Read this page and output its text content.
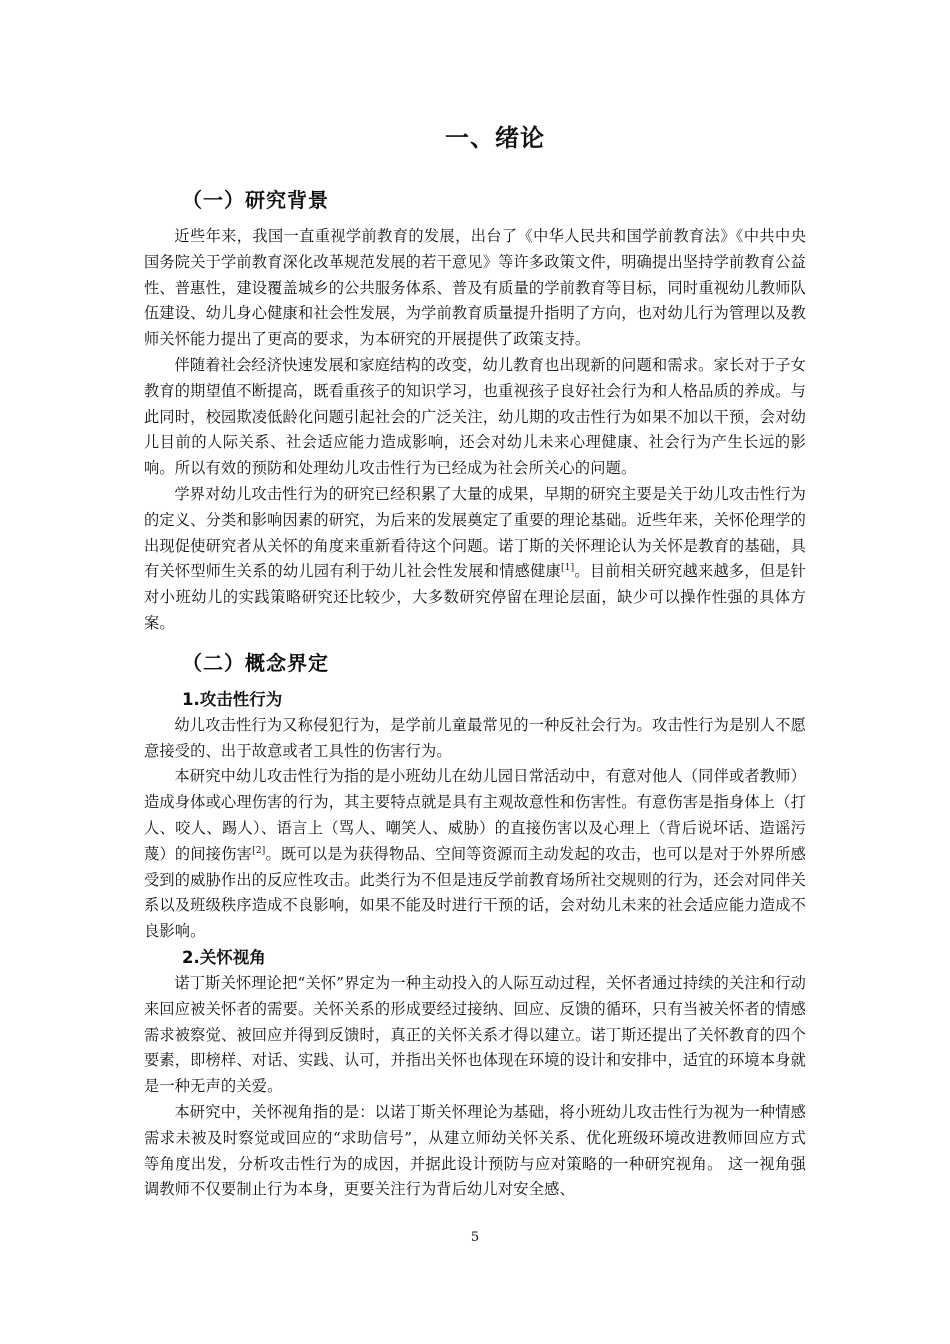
一、绪论
（一）研究背景

近些年来，我国一直重视学前教育的发展，出台了《中华人民共和国学前教育法》《中共中央国务院关于学前教育深化改革规范发展的若干意见》等许多政策文件，明确提出坚持学前教育公益性、普惠性，建设覆盖城乡的公共服务体系、普及有质量的学前教育等目标，同时重视幼儿教师队伍建设、幼儿身心健康和社会性发展，为学前教育质量提升指明了方向，也对幼儿行为管理以及教师关怀能力提出了更高的要求，为本研究的开展提供了政策支持。

伴随着社会经济快速发展和家庭结构的改变，幼儿教育也出现新的问题和需求。家长对于子女教育的期望值不断提高，既看重孩子的知识学习，也重视孩子良好社会行为和人格品质的养成。与此同时，校园欺凌低龄化问题引起社会的广泛关注，幼儿期的攻击性行为如果不加以干预，会对幼儿目前的人际关系、社会适应能力造成影响，还会对幼儿未来心理健康、社会行为产生长远的影响。所以有效的预防和处理幼儿攻击性行为已经成为社会所关心的问题。

学界对幼儿攻击性行为的研究已经积累了大量的成果，早期的研究主要是关于幼儿攻击性行为的定义、分类和影响因素的研究，为后来的发展奠定了重要的理论基础。近些年来，关怀伦理学的出现促使研究者从关怀的角度来重新看待这个问题。诺丁斯的关怀理论认为关怀是教育的基础，具有关怀型师生关系的幼儿园有利于幼儿社会性发展和情感健康[1]。目前相关研究越来越多，但是针对小班幼儿的实践策略研究还比较少，大多数研究停留在理论层面，缺少可以操作性强的具体方案。

（二）概念界定
1.攻击性行为

幼儿攻击性行为又称侵犯行为，是学前儿童最常见的一种反社会行为。攻击性行为是别人不愿意接受的、出于故意或者工具性的伤害行为。

本研究中幼儿攻击性行为指的是小班幼儿在幼儿园日常活动中，有意对他人（同伴或者教师）造成身体或心理伤害的行为，其主要特点就是具有主观故意性和伤害性。有意伤害是指身体上（打人、咬人、踢人）、语言上（骂人、嘲笑人、威胁）的直接伤害以及心理上（背后说坏话、造谣污蔑）的间接伤害[2]。既可以是为获得物品、空间等资源而主动发起的攻击，也可以是对于外界所感受到的威胁作出的反应性攻击。此类行为不但是违反学前教育场所社交规则的行为，还会对同伴关系以及班级秩序造成不良影响，如果不能及时进行干预的话，会对幼儿未来的社会适应能力造成不良影响。

2.关怀视角

诺丁斯关怀理论把“关怀”界定为一种主动投入的人际互动过程，关怀者通过持续的关注和行动来回应被关怀者的需要。关怀关系的形成要经过接纳、回应、反馈的循环，只有当被关怀者的情感需求被察觉、被回应并得到反馈时，真正的关怀关系才得以建立。诺丁斯还提出了关怀教育的四个要素，即榜样、对话、实践、认可，并指出关怀也体现在环境的设计和安排中，适宜的环境本身就是一种无声的关爱。

本研究中，关怀视角指的是：以诺丁斯关怀理论为基础，将小班幼儿攻击性行为视为一种情感需求未被及时察觉或回应的“求助信号”，从建立师幼关怀关系、优化班级环境改进教师回应方式等角度出发，分析攻击性行为的成因，并据此设计预防与应对策略的一种研究视角。 这一视角强调教师不仅要制止行为本身，更要关注行为背后幼儿对安全感、

5
